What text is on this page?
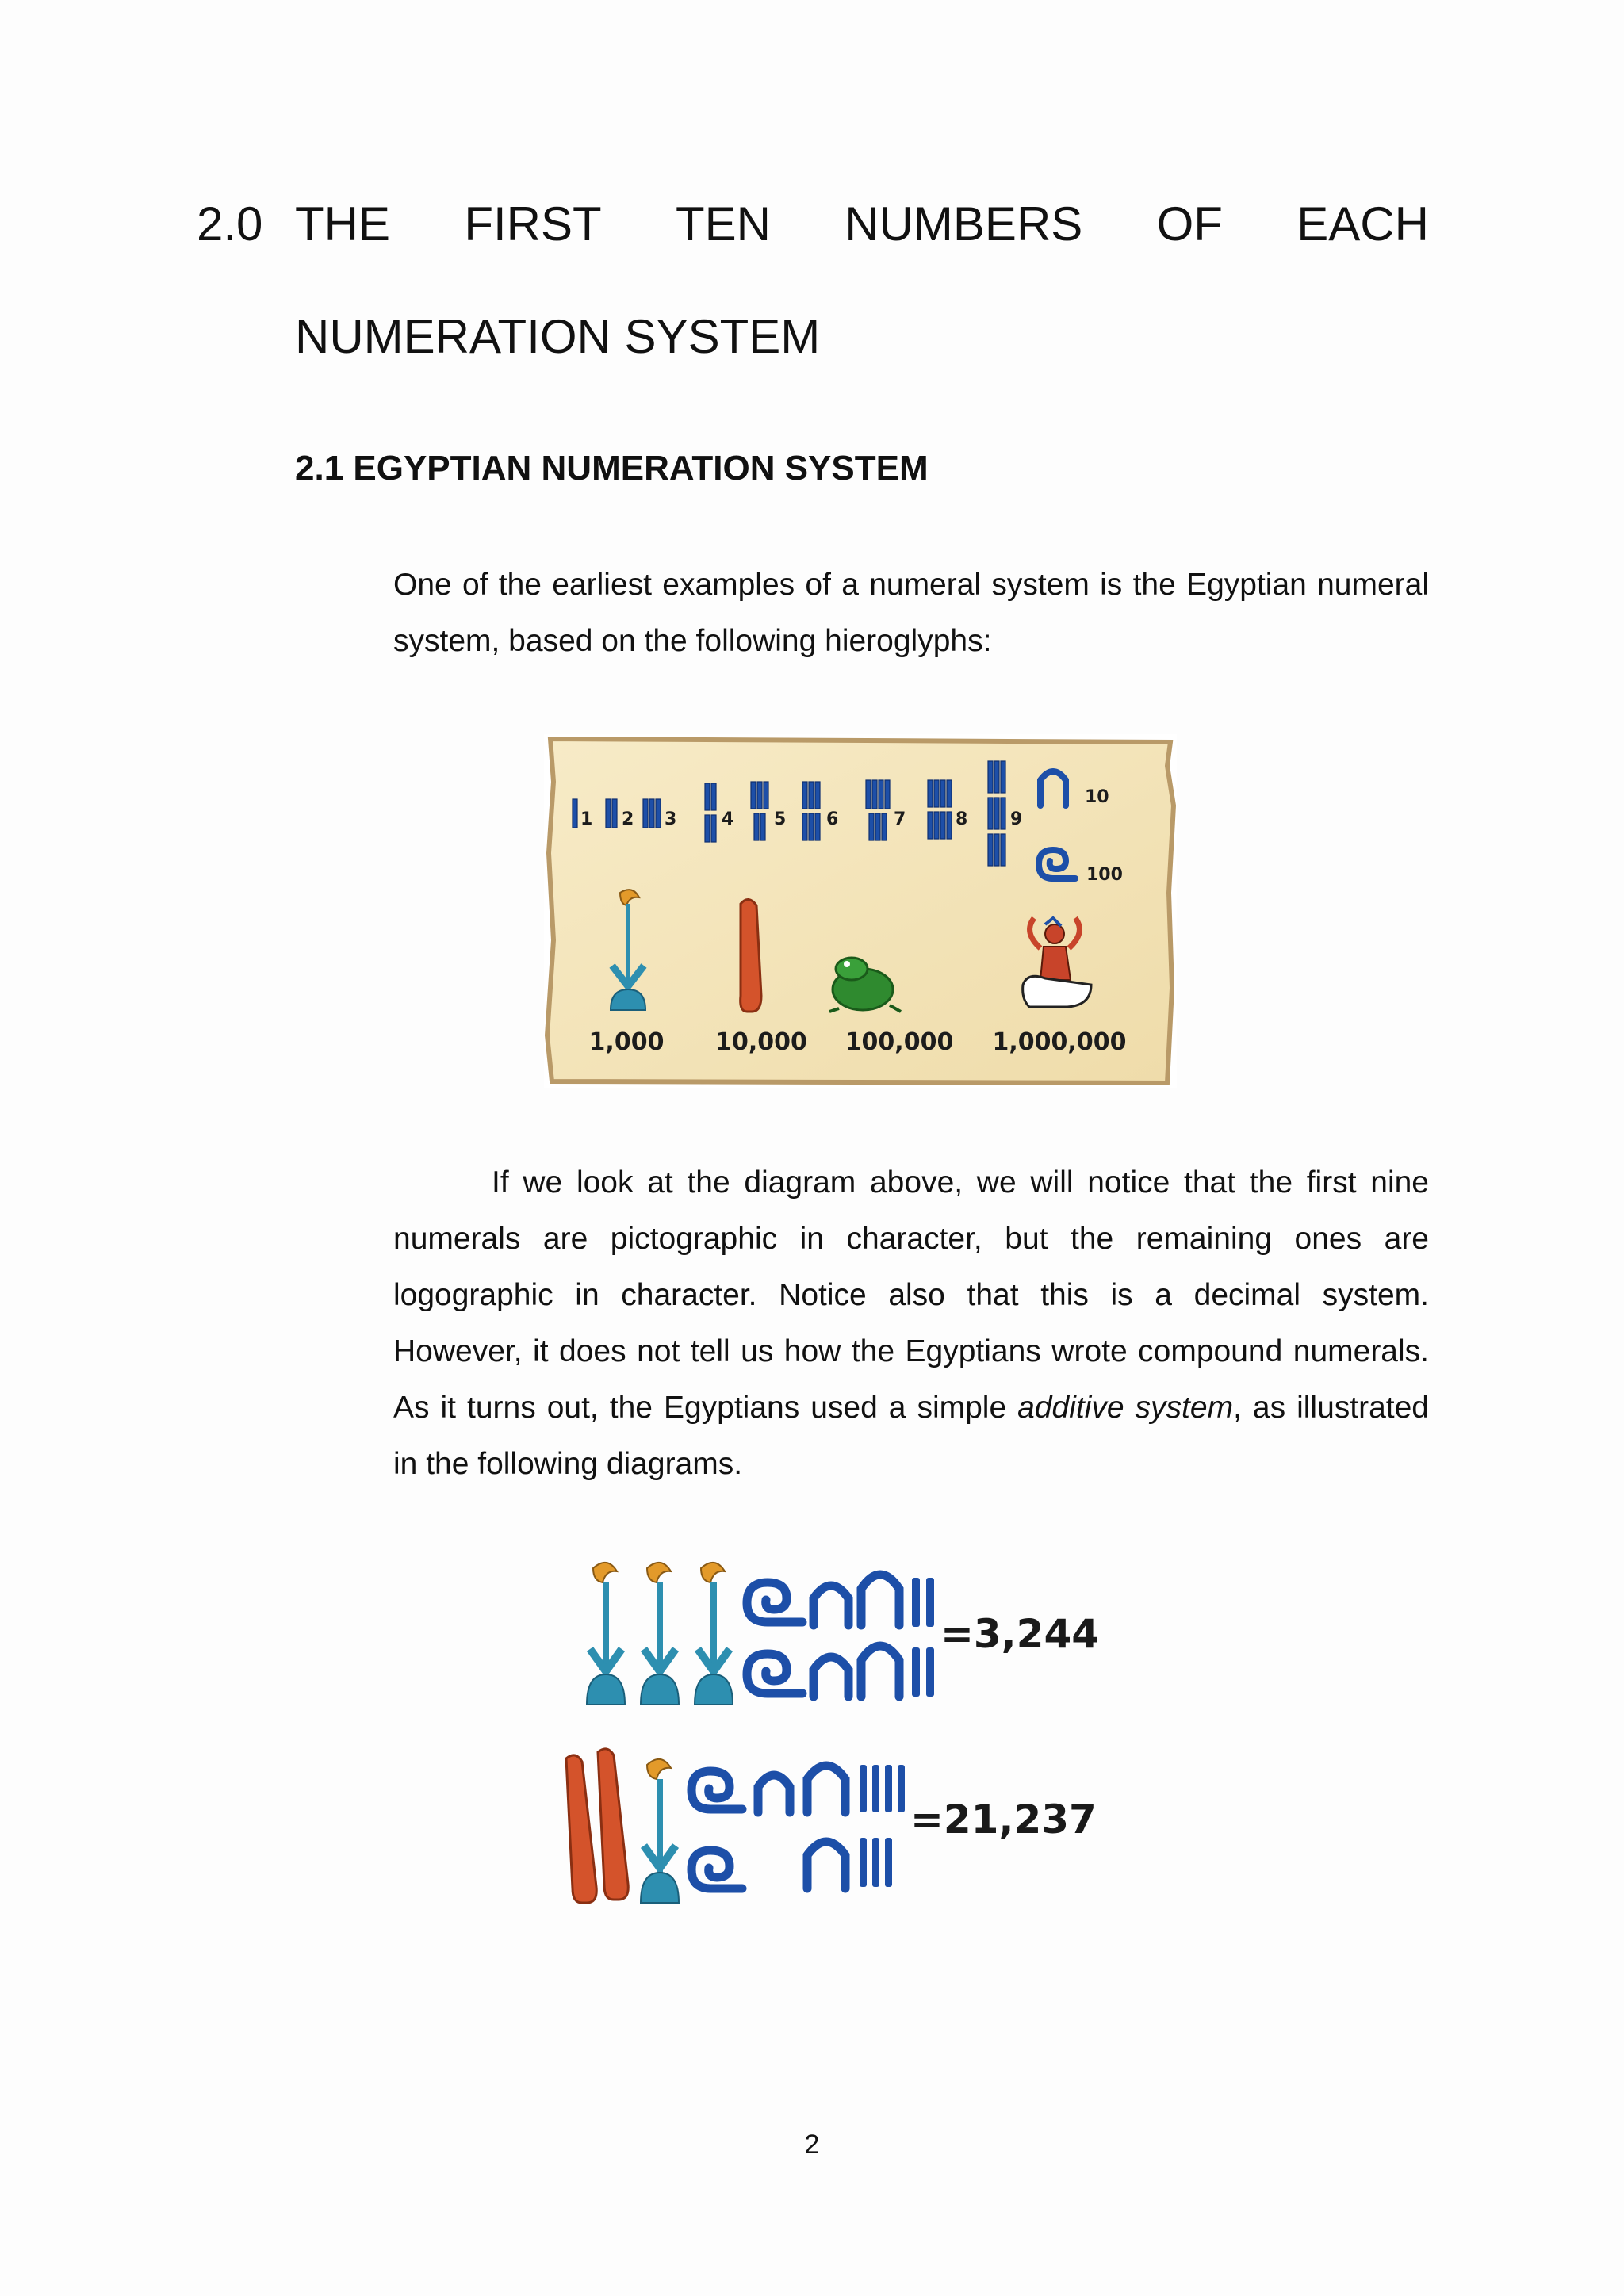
2.0 THE FIRST TEN NUMBERS OF EACH
NUMERATION SYSTEM
2.1 EGYPTIAN NUMERATION SYSTEM

One of the earliest examples of a numeral system is the Egyptian numeral system, based on the following hieroglyphs:

1 2 3	4 5 6	7	8 9
10
100
1,000 10,000 100,000 1,000,000

If we look at the diagram above, we will notice that the first nine numerals are pictographic in character, but the remaining ones are logographic in character. Notice also that this is a decimal system. However, it does not tell us how the Egyptians wrote compound numerals. As it turns out, the Egyptians used a simple additive system, as illustrated in the following diagrams.

=3,244
=21,237
2
